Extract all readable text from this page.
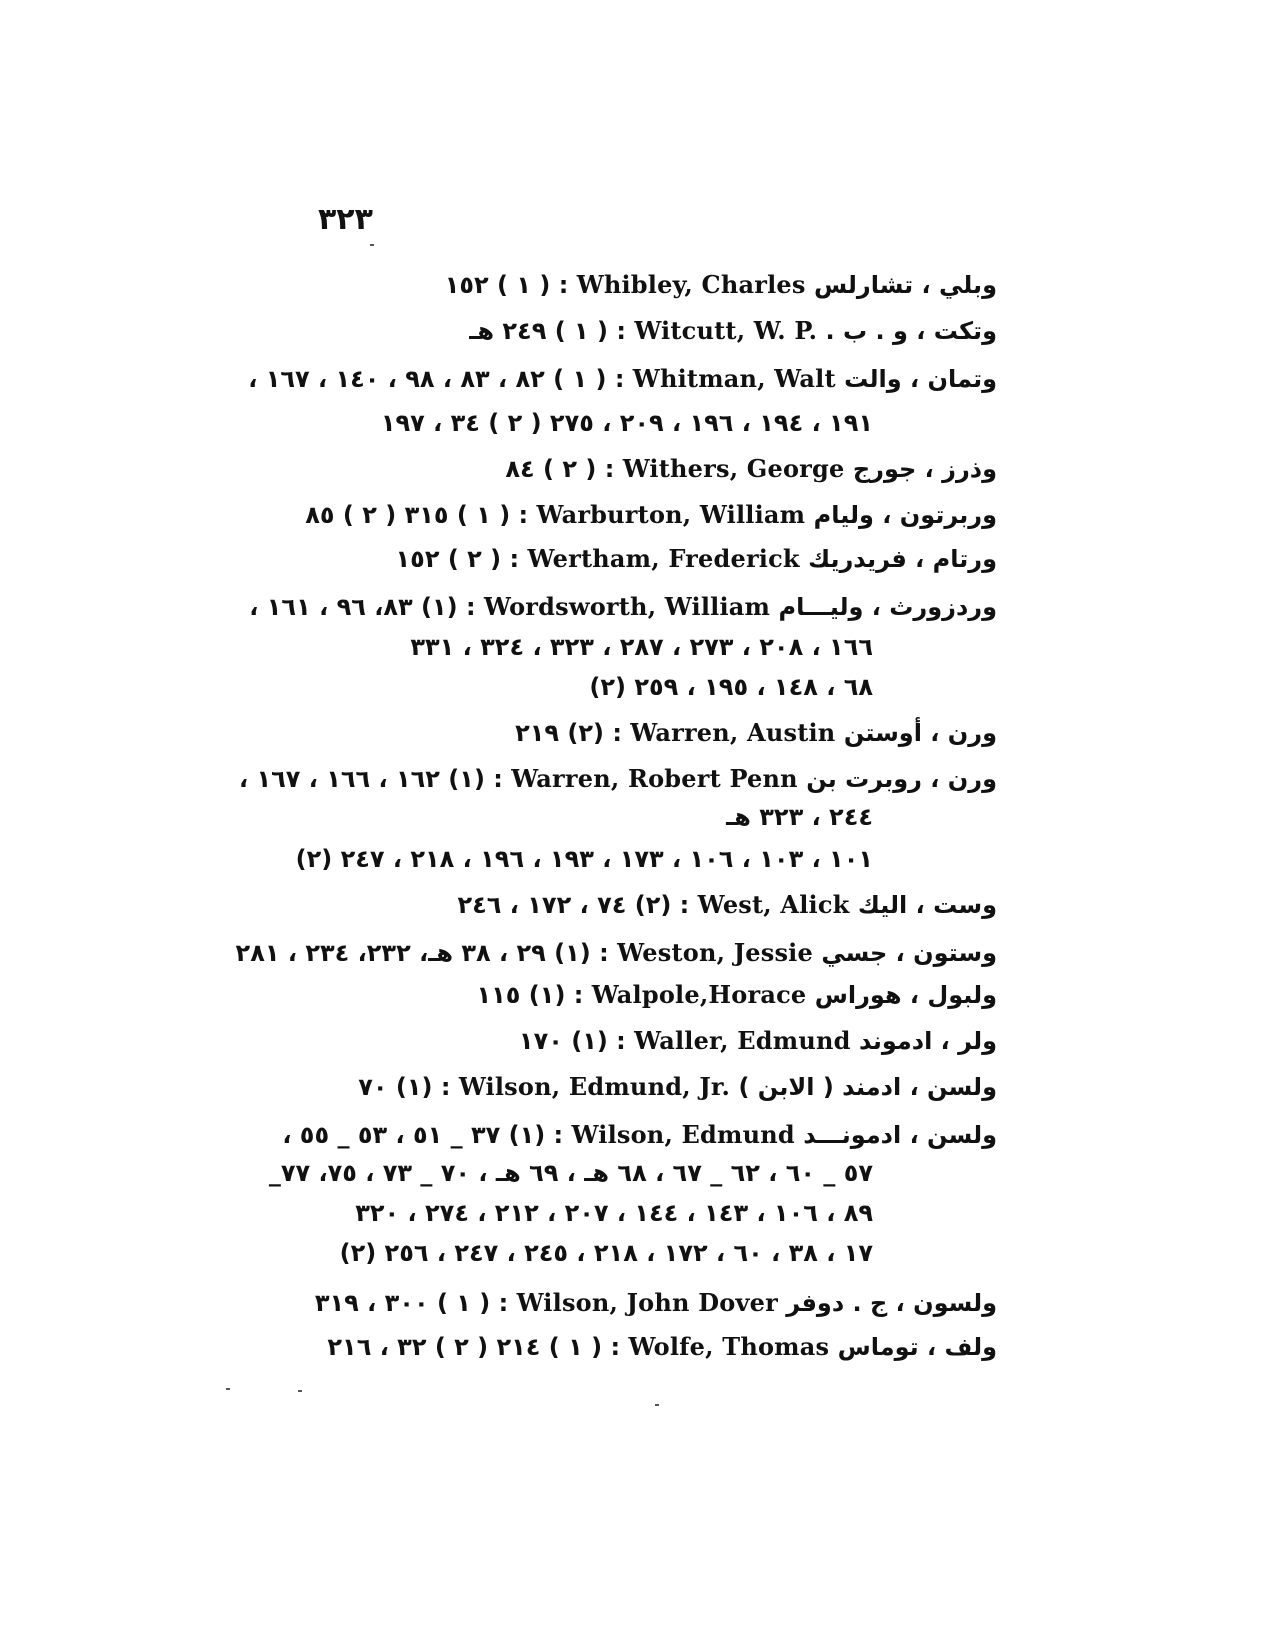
٣٢٣
وبلي ، تشارلس Whibley, Charles : ( ١ ) ١٥٢
وتكت ، و . ب . Witcutt, W. P. : ( ١ ) ٢٤٩ هـ
وتمان ، والت Whitman, Walt : ( ١ ) ٨٢ ، ٨٣ ، ٩٨ ، ١٤٠ ، ١٦٧ ،
١٩١ ، ١٩٤ ، ١٩٦ ، ٢٠٩ ، ٢٧٥ ( ٢ ) ٣٤ ، ١٩٧
وذرز ، جورج Withers, George : ( ٢ ) ٨٤
وربرتون ، وليام Warburton, William : ( ١ ) ٣١٥ ( ٢ ) ٨٥
ورتام ، فريدريك Wertham, Frederick : ( ٢ ) ١٥٢
وردزورث ، وليـــام Wordsworth, William : (١) ٨٣، ٩٦ ، ١٦١ ،
١٦٦ ، ٢٠٨ ، ٢٧٣ ، ٢٨٧ ، ٣٢٣ ، ٣٢٤ ، ٣٣١
(٢) ٦٨ ، ١٤٨ ، ١٩٥ ، ٢٥٩
ورن ، أوستن Warren, Austin : (٢) ٢١٩
ورن ، روبرت بن Warren, Robert Penn : (١) ١٦٢ ، ١٦٦ ، ١٦٧ ،
٢٤٤ ، ٣٢٣ هـ
(٢) ١٠١ ، ١٠٣ ، ١٠٦ ، ١٧٣ ، ١٩٣ ، ١٩٦ ، ٢١٨ ، ٢٤٧
وست ، اليك West, Alick : (٢) ٧٤ ، ١٧٢ ، ٢٤٦
وستون ، جسي Weston, Jessie : (١) ٢٩ ، ٣٨ هـ، ٢٣٢، ٢٣٤ ، ٢٨١
ولبول ، هوراس Walpole,Horace : (١) ١١٥
ولر ، ادموند Waller, Edmund : (١) ١٧٠
ولسن ، ادمند ( الابن ) Wilson, Edmund, Jr. : (١) ٧٠
ولسن ، ادمونـــد Wilson, Edmund : (١) ٣٧ _ ٥١ ، ٥٣ _ ٥٥ ،
٥٧ _ ٦٠ ، ٦٢ _ ٦٧ ، ٦٨ هـ ، ٦٩ هـ ، ٧٠ _ ٧٣ ، ٧٥، ٧٧_
٨٩ ، ١٠٦ ، ١٤٣ ، ١٤٤ ، ٢٠٧ ، ٢١٢ ، ٢٧٤ ، ٣٢٠
(٢) ١٧ ، ٣٨ ، ٦٠ ، ١٧٢ ، ٢١٨ ، ٢٤٥ ، ٢٤٧ ، ٢٥٦
ولسون ، ج . دوفر Wilson, John Dover : ( ١ ) ٣٠٠ ، ٣١٩
ولف ، توماس Wolfe, Thomas : ( ١ ) ٢١٤ ( ٢ ) ٣٢ ، ٢١٦
